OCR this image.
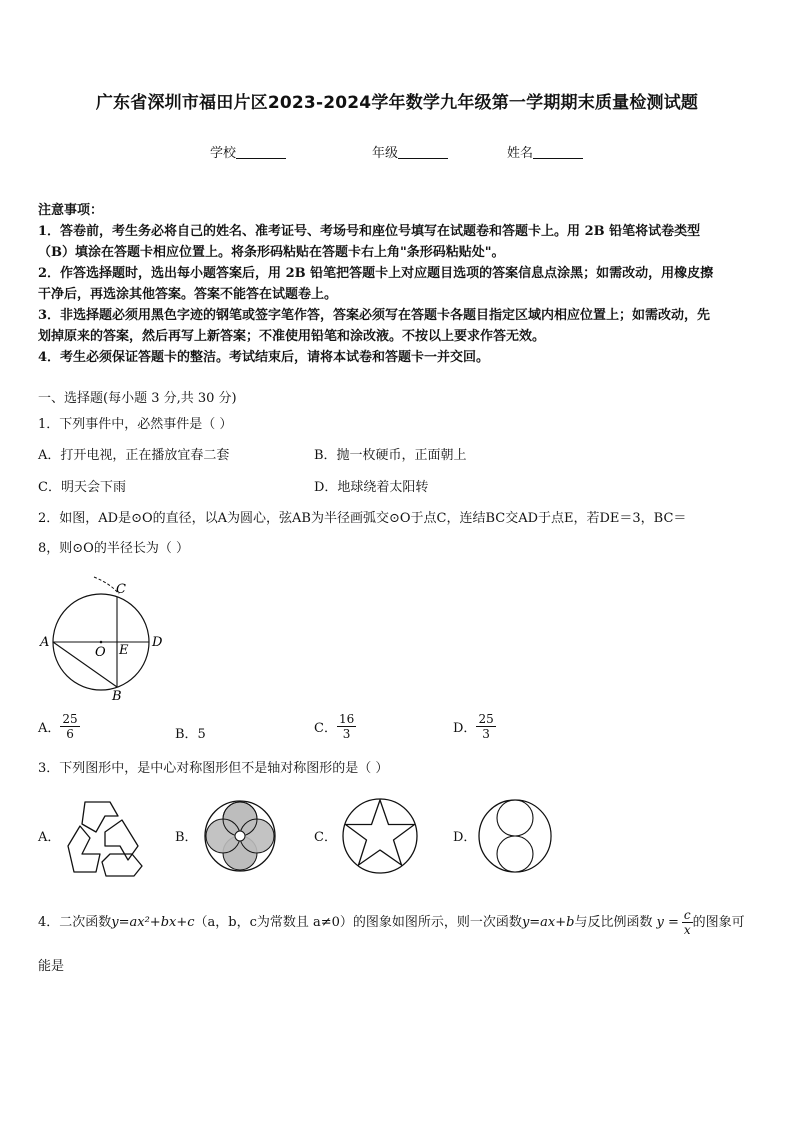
广东省深圳市福田片区2023-2024学年数学九年级第一学期期末质量检测试题
学校	年级	姓名
注意事项：
1．答卷前，考生务必将自己的姓名、准考证号、考场号和座位号填写在试题卷和答题卡上。用 2B 铅笔将试卷类型
（B）填涂在答题卡相应位置上。将条形码粘贴在答题卡右上角"条形码粘贴处"。
2．作答选择题时，选出每小题答案后，用 2B 铅笔把答题卡上对应题目选项的答案信息点涂黑；如需改动，用橡皮擦
干净后，再选涂其他答案。答案不能答在试题卷上。
3．非选择题必须用黑色字迹的钢笔或签字笔作答，答案必须写在答题卡各题目指定区域内相应位置上；如需改动，先
划掉原来的答案，然后再写上新答案；不准使用铅笔和涂改液。不按以上要求作答无效。
4．考生必须保证答题卡的整洁。考试结束后，请将本试卷和答题卡一并交回。
一、选择题(每小题 3 分,共 30 分)
1．下列事件中，必然事件是（ ）
A．打开电视，正在播放宜春二套	B．抛一枚硬币，正面朝上
C．明天会下雨	D．地球绕着太阳转
2．如图，AD是⊙O的直径，以A为圆心，弦AB为半径画弧交⊙O于点C，连结BC交AD于点E，若DE＝3，BC＝
8，则⊙O的半径长为（ ）
A	D
C
B
O E
A． $\frac{25}{6}$	B．5	C． $\frac{16}{3}$	D． $\frac{25}{3}$
3．下列图形中，是中心对称图形但不是轴对称图形的是（ ）
A．	B．	C．	D．
4．二次函数 y=ax²+bx+c （a，b，c为常数且 a≠0）的图象如图所示，则一次函数 y=ax+b 与反比例函数 $y = \frac{c}{x}$ 的图象可
能是
